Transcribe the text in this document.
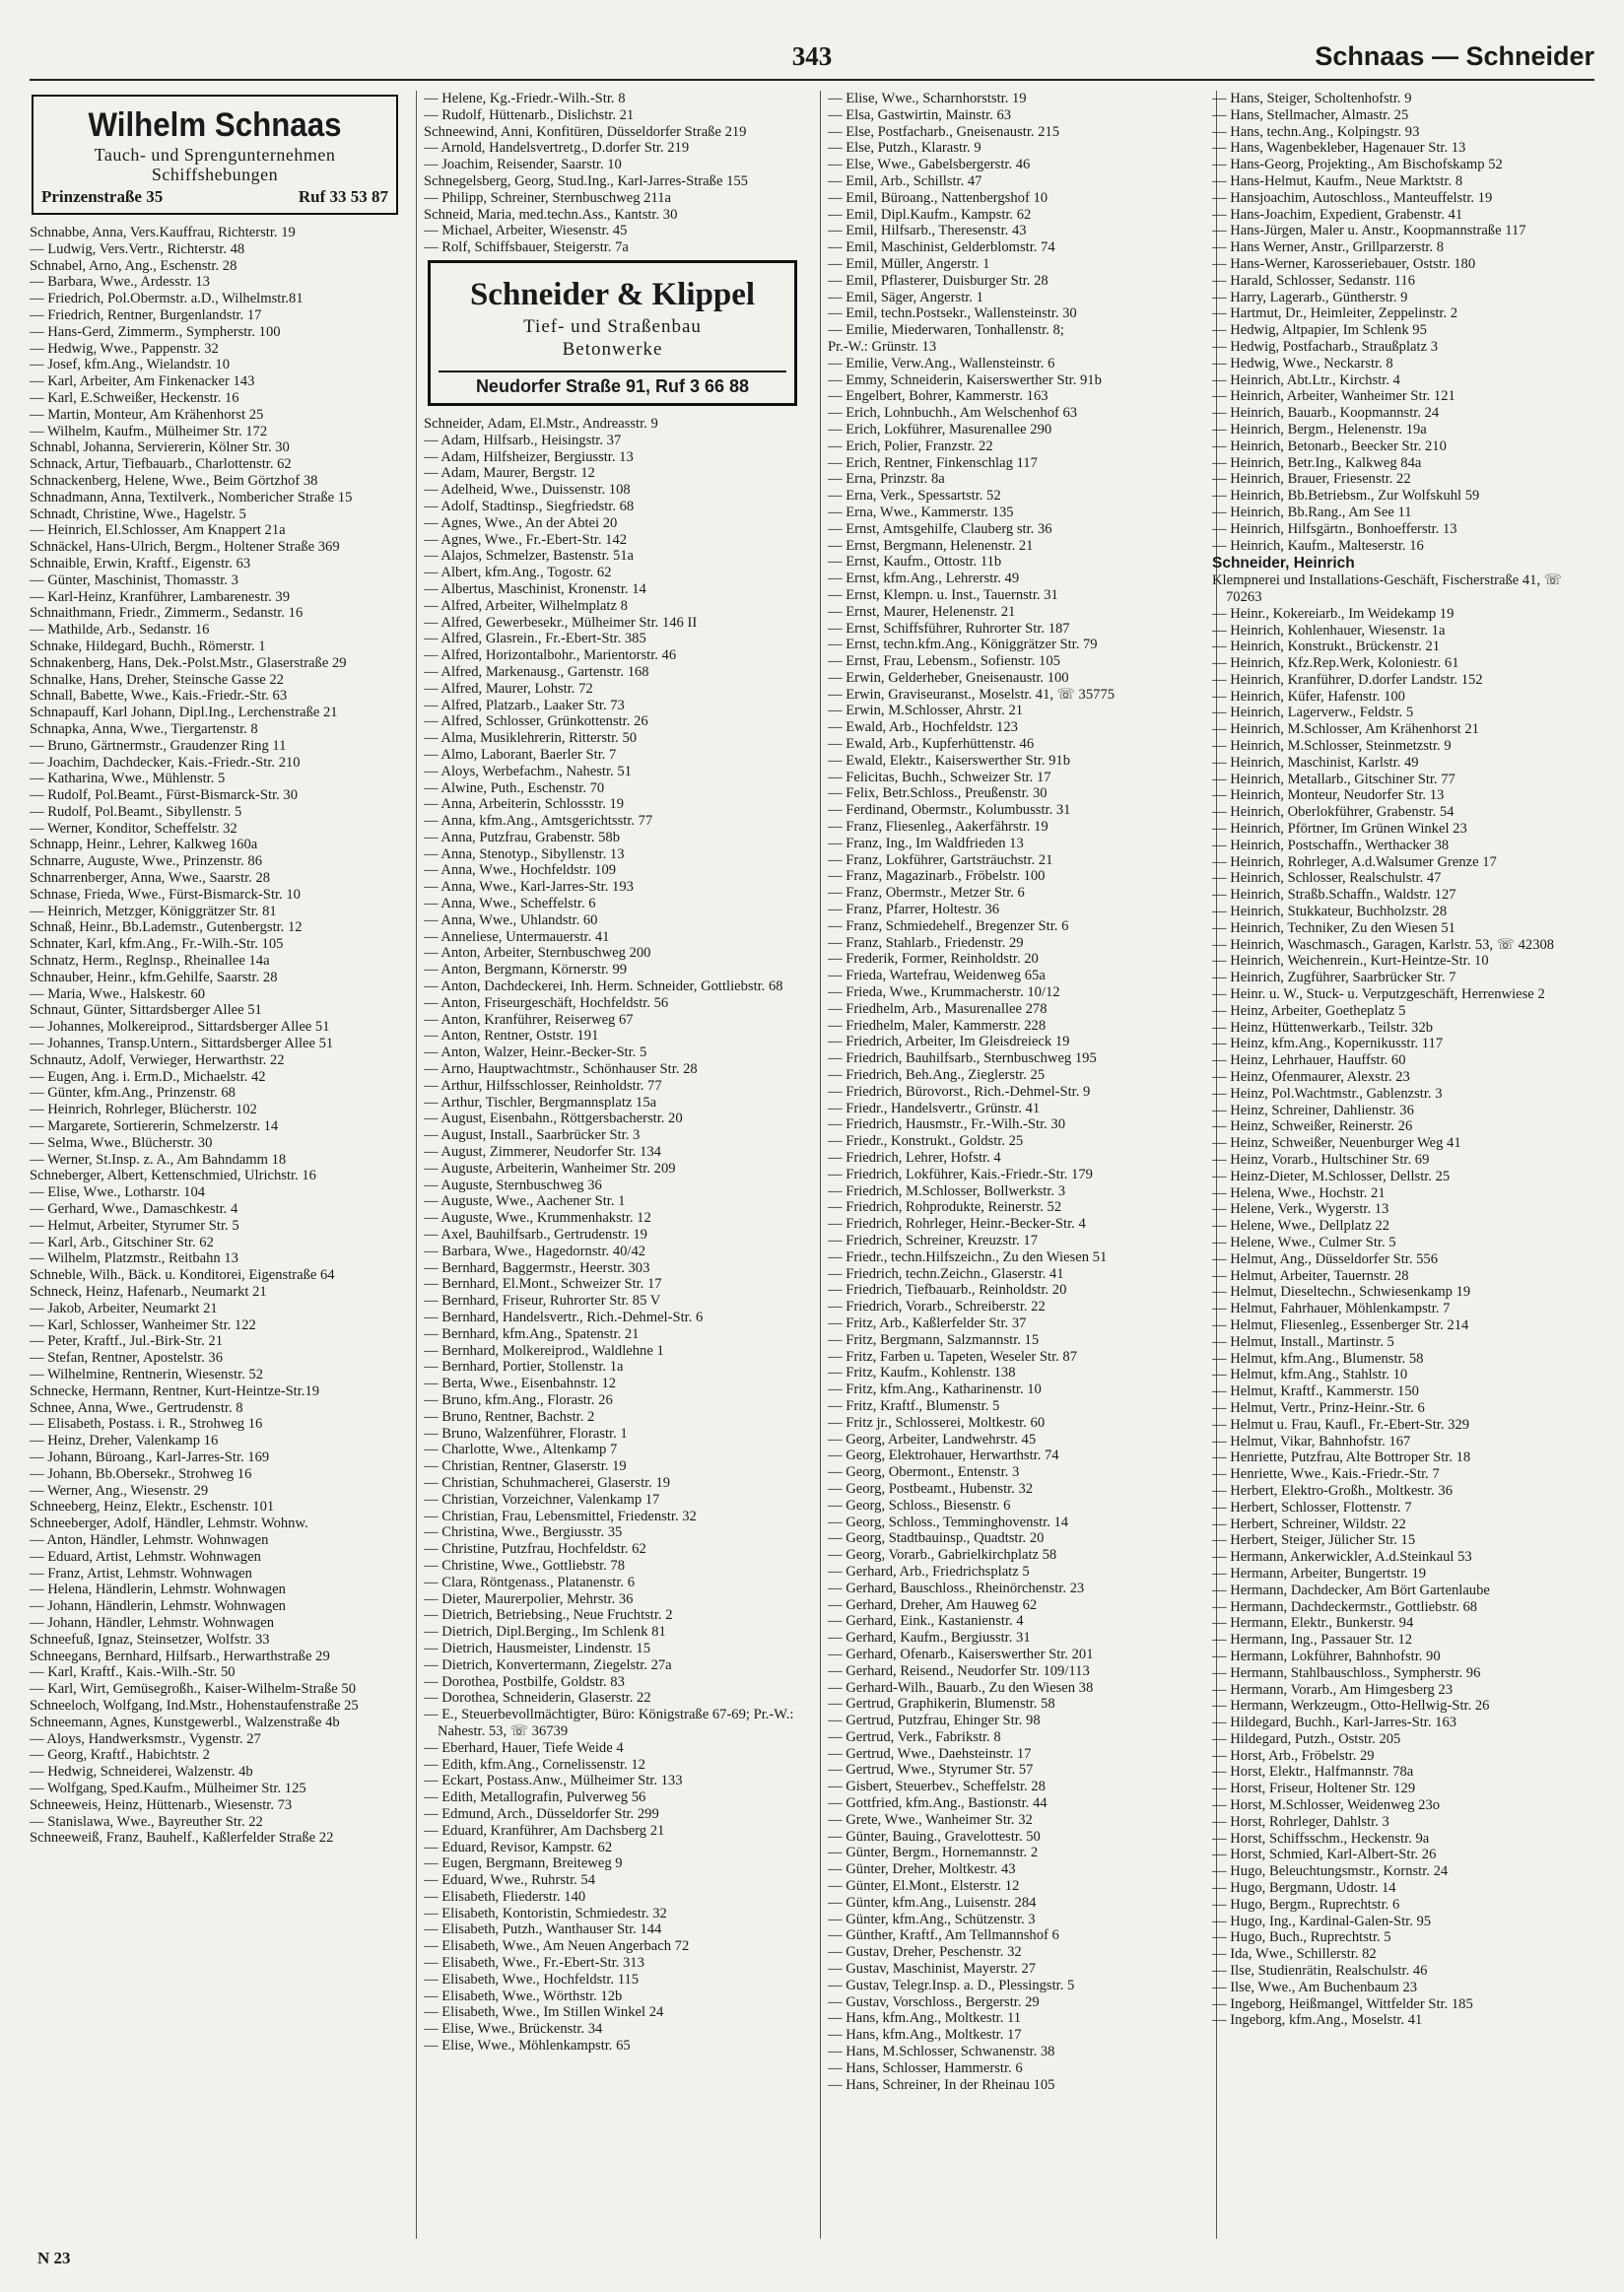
343	Schnaas — Schneider
Wilhelm Schnaas
Tauch- und Sprengunternehmen
Schiffshebungen
Prinzenstraße 35	Ruf 33 53 87
Schnabbe, Anna, Vers.Kauffrau, Richterstr. 19
— Ludwig, Vers.Vertr., Richterstr. 48
Schnabel, Arno, Ang., Eschenstr. 28
— Barbara, Wwe., Ardesstr. 13
— Friedrich, Pol.Obermstr. a.D., Wilhelmstr.81
— Friedrich, Rentner, Burgenlandstr. 17
— Hans-Gerd, Zimmerm., Sympherstr. 100
— Hedwig, Wwe., Pappenstr. 32
— Josef, kfm.Ang., Wielandstr. 10
— Karl, Arbeiter, Am Finkenacker 143
— Karl, E.Schweißer, Heckenstr. 16
— Martin, Monteur, Am Krähenhorst 25
— Wilhelm, Kaufm., Mülheimer Str. 172
Schnabl, Johanna, Serviererin, Kölner Str. 30
Schnack, Artur, Tiefbauarb., Charlottenstr. 62
Schnackenberg, Helene, Wwe., Beim Görtzhof 38
Schnadmann, Anna, Textilverk., Nombericher Straße 15
Schnadt, Christine, Wwe., Hagelstr. 5
— Heinrich, El.Schlosser, Am Knappert 21a
Schnäckel, Hans-Ulrich, Bergm., Holtener Straße 369
Schnaible, Erwin, Kraftf., Eigenstr. 63
— Günter, Maschinist, Thomasstr. 3
— Karl-Heinz, Kranführer, Lambarenestr. 39
Schnaithmann, Friedr., Zimmerm., Sedanstr. 16
— Mathilde, Arb., Sedanstr. 16
Schnake, Hildegard, Buchh., Römerstr. 1
Schnakenberg, Hans, Dek.-Polst.Mstr., Glaserstraße 29
Schnalke, Hans, Dreher, Steinsche Gasse 22
Schnall, Babette, Wwe., Kais.-Friedr.-Str. 63
Schnapauff, Karl Johann, Dipl.Ing., Lerchenstraße 21
Schnapka, Anna, Wwe., Tiergartenstr. 8
— Bruno, Gärtnermstr., Graudenzer Ring 11
— Joachim, Dachdecker, Kais.-Friedr.-Str. 210
— Katharina, Wwe., Mühlenstr. 5
— Rudolf, Pol.Beamt., Fürst-Bismarck-Str. 30
— Rudolf, Pol.Beamt., Sibyllenstr. 5
— Werner, Konditor, Scheffelstr. 32
Schnapp, Heinr., Lehrer, Kalkweg 160a
Schnarre, Auguste, Wwe., Prinzenstr. 86
Schnarrenberger, Anna, Wwe., Saarstr. 28
Schnase, Frieda, Wwe., Fürst-Bismarck-Str. 10
— Heinrich, Metzger, Königgrätzer Str. 81
Schnaß, Heinr., Bb.Lademstr., Gutenbergstr. 12
Schnater, Karl, kfm.Ang., Fr.-Wilh.-Str. 105
Schnatz, Herm., Reglnsp., Rheinallee 14a
Schnauber, Heinr., kfm.Gehilfe, Saarstr. 28
— Maria, Wwe., Halskestr. 60
Schnaut, Günter, Sittardsberger Allee 51
— Johannes, Molkereiprod., Sittardsberger Allee 51
— Johannes, Transp.Untern., Sittardsberger Allee 51
Schnautz, Adolf, Verwieger, Herwarthstr. 22
— Eugen, Ang. i. Erm.D., Michaelstr. 42
— Günter, kfm.Ang., Prinzenstr. 68
— Heinrich, Rohrleger, Blücherstr. 102
— Margarete, Sortiererin, Schmelzerstr. 14
— Selma, Wwe., Blücherstr. 30
— Werner, St.Insp. z. A., Am Bahndamm 18
Schneberger, Albert, Kettenschmied, Ulrichstr. 16
— Elise, Wwe., Lotharstr. 104
— Gerhard, Wwe., Damaschkestr. 4
— Helmut, Arbeiter, Styrumer Str. 5
— Karl, Arb., Gitschiner Str. 62
— Wilhelm, Platzmstr., Reitbahn 13
Schneble, Wilh., Bäck. u. Konditorei, Eigenstraße 64
Schneck, Heinz, Hafenarb., Neumarkt 21
— Jakob, Arbeiter, Neumarkt 21
— Karl, Schlosser, Wanheimer Str. 122
— Peter, Kraftf., Jul.-Birk-Str. 21
— Stefan, Rentner, Apostelstr. 36
— Wilhelmine, Rentnerin, Wiesenstr. 52
Schnecke, Hermann, Rentner, Kurt-Heintze-Str.19
Schnee, Anna, Wwe., Gertrudenstr. 8
— Elisabeth, Postass. i. R., Strohweg 16
— Heinz, Dreher, Valenkamp 16
— Johann, Büroang., Karl-Jarres-Str. 169
— Johann, Bb.Obersekr., Strohweg 16
— Werner, Ang., Wiesenstr. 29
Schneeberg, Heinz, Elektr., Eschenstr. 101
Schneeberger, Adolf, Händler, Lehmstr. Wohnw.
— Anton, Händler, Lehmstr. Wohnwagen
— Eduard, Artist, Lehmstr. Wohnwagen
— Franz, Artist, Lehmstr. Wohnwagen
— Helena, Händlerin, Lehmstr. Wohnwagen
— Johann, Händlerin, Lehmstr. Wohnwagen
— Johann, Händler, Lehmstr. Wohnwagen
Schneefuß, Ignaz, Steinsetzer, Wolfstr. 33
Schneegans, Bernhard, Hilfsarb., Herwarthstraße 29
— Karl, Kraftf., Kais.-Wilh.-Str. 50
— Karl, Wirt, Gemüsegroßh., Kaiser-Wilhelm-Straße 50
Schneeloch, Wolfgang, Ind.Mstr., Hohenstaufenstraße 25
Schneemann, Agnes, Kunstgewerbl., Walzenstraße 4b
— Aloys, Handwerksmstr., Vygenstr. 27
— Georg, Kraftf., Habichtstr. 2
— Hedwig, Schneiderei, Walzenstr. 4b
— Wolfgang, Sped.Kaufm., Mülheimer Str. 125
Schneeweis, Heinz, Hüttenarb., Wiesenstr. 73
— Stanislawa, Wwe., Bayreuther Str. 22
Schneeweiß, Franz, Bauhelf., Kaßlerfelder Straße 22
— Helene, Kg.-Friedr.-Wilh.-Str. 8
— Rudolf, Hüttenarb., Dislichstr. 21
Schneewind, Anni, Konfitüren, Düsseldorfer Straße 219
— Arnold, Handelsvertretg., D.dorfer Str. 219
— Joachim, Reisender, Saarstr. 10
Schnegelsberg, Georg, Stud.Ing., Karl-Jarres-Straße 155
— Philipp, Schreiner, Sternbuschweg 211a
Schneid, Maria, med.techn.Ass., Kantstr. 30
— Michael, Arbeiter, Wiesenstr. 45
— Rolf, Schiffsbauer, Steigerstr. 7a
Schneider & Klippel
Tief- und Straßenbau
Betonwerke
Neudorfer Straße 91, Ruf 3 66 88
Schneider, Adam, El.Mstr., Andreasstr. 9
— Adam, Hilfsarb., Heisingstr. 37
— Adam, Hilfsheizer, Bergiusstr. 13
— Adam, Maurer, Bergstr. 12
— Adelheid, Wwe., Duissenstr. 108
— Adolf, Stadtinsp., Siegfriedstr. 68
— Agnes, Wwe., An der Abtei 20
— Agnes, Wwe., Fr.-Ebert-Str. 142
— Alajos, Schmelzer, Bastenstr. 51a
— Albert, kfm.Ang., Togostr. 62
— Albertus, Maschinist, Kronenstr. 14
— Alfred, Arbeiter, Wilhelmplatz 8
— Alfred, Gewerbesekr., Mülheimer Str. 146 II
— Alfred, Glasrein., Fr.-Ebert-Str. 385
— Alfred, Horizontalbohr., Marientorstr. 46
— Alfred, Markenausg., Gartenstr. 168
— Alfred, Maurer, Lohstr. 72
— Alfred, Platzarb., Laaker Str. 73
— Alfred, Schlosser, Grünkottenstr. 26
— Alma, Musiklehrerin, Ritterstr. 50
— Almo, Laborant, Baerler Str. 7
— Aloys, Werbefachm., Nahestr. 51
— Alwine, Puth., Eschenstr. 70
— Anna, Arbeiterin, Schlossstr. 19
— Anna, kfm.Ang., Amtsgerichtsstr. 77
— Anna, Putzfrau, Grabenstr. 58b
— Anna, Stenotyp., Sibyllenstr. 13
— Anna, Wwe., Hochfeldstr. 109
— Anna, Wwe., Karl-Jarres-Str. 193
— Anna, Wwe., Scheffelstr. 6
— Anna, Wwe., Uhlandstr. 60
— Anneliese, Untermauerstr. 41
— Anton, Arbeiter, Sternbuschweg 200
— Anton, Bergmann, Körnerstr. 99
— Anton, Dachdeckerei, Inh. Herm. Schneider, Gottliebstr. 68
— Anton, Friseurgeschäft, Hochfeldstr. 56
— Anton, Kranführer, Reiserweg 67
— Anton, Rentner, Oststr. 191
— Anton, Walzer, Heinr.-Becker-Str. 5
— Arno, Hauptwachtmstr., Schönhauser Str. 28
— Arthur, Hilfsschlosser, Reinholdstr. 77
— Arthur, Tischler, Bergmannsplatz 15a
— August, Eisenbahn., Röttgersbacherstr. 20
— August, Install., Saarbrücker Str. 3
— August, Zimmerer, Neudorfer Str. 134
— Auguste, Arbeiterin, Wanheimer Str. 209
— Auguste, Sternbuschweg 36
— Auguste, Wwe., Aachener Str. 1
— Auguste, Wwe., Krummenhakstr. 12
— Axel, Bauhilfsarb., Gertrudenstr. 19
— Barbara, Wwe., Hagedornstr. 40/42
— Bernhard, Baggermstr., Heerstr. 303
— Bernhard, El.Mont., Schweizer Str. 17
— Bernhard, Friseur, Ruhrorter Str. 85 V
— Bernhard, Handelsvertr., Rich.-Dehmel-Str. 6
— Bernhard, kfm.Ang., Spatenstr. 21
— Bernhard, Molkereiprod., Waldlehne 1
— Bernhard, Portier, Stollenstr. 1a
— Berta, Wwe., Eisenbahnstr. 12
— Bruno, kfm.Ang., Florastr. 26
— Bruno, Rentner, Bachstr. 2
— Bruno, Walzenführer, Florastr. 1
— Charlotte, Wwe., Altenkamp 7
— Christian, Rentner, Glaserstr. 19
— Christian, Schuhmacherei, Glaserstr. 19
— Christian, Vorzeichner, Valenkamp 17
— Christian, Frau, Lebensmittel, Friedenstr. 32
— Christina, Wwe., Bergiusstr. 35
— Christine, Putzfrau, Hochfeldstr. 62
— Christine, Wwe., Gottliebstr. 78
— Clara, Röntgenass., Platanenstr. 6
— Dieter, Maurerpolier, Mehrstr. 36
— Dietrich, Betriebsing., Neue Fruchtstr. 2
— Dietrich, Dipl.Berging., Im Schlenk 81
— Dietrich, Hausmeister, Lindenstr. 15
— Dietrich, Konvertermann, Ziegelstr. 27a
— Dorothea, Postbilfe, Goldstr. 83
— Dorothea, Schneiderin, Glaserstr. 22
— E., Steuerbevollmächtigter, Büro: Königstraße 67-69; Pr.-W.: Nahestr. 53, ☏ 36739
— Eberhard, Hauer, Tiefe Weide 4
— Edith, kfm.Ang., Cornelissenstr. 12
— Eckart, Postass.Anw., Mülheimer Str. 133
— Edith, Metallografin, Pulverweg 56
— Edmund, Arch., Düsseldorfer Str. 299
— Eduard, Kranführer, Am Dachsberg 21
— Eduard, Revisor, Kampstr. 62
— Eugen, Bergmann, Breiteweg 9
— Eduard, Wwe., Ruhrstr. 54
— Elisabeth, Fliederstr. 140
— Elisabeth, Kontoristin, Schmiedestr. 32
— Elisabeth, Putzh., Wanthauser Str. 144
— Elisabeth, Wwe., Am Neuen Angerbach 72
— Elisabeth, Wwe., Fr.-Ebert-Str. 313
— Elisabeth, Wwe., Hochfeldstr. 115
— Elisabeth, Wwe., Wörthstr. 12b
— Elisabeth, Wwe., Im Stillen Winkel 24
— Elise, Wwe., Brückenstr. 34
— Elise, Wwe., Möhlenkampstr. 65
— Elise, Wwe., Scharnhorststr. 19
— Elsa, Gastwirtin, Mainstr. 63
— Else, Postfacharb., Gneisenaustr. 215
— Else, Putzh., Klarastr. 9
— Else, Wwe., Gabelsbergerstr. 46
— Emil, Arb., Schillstr. 47
— Emil, Büroang., Nattenbergshof 10
— Emil, Dipl.Kaufm., Kampstr. 62
— Emil, Hilfsarb., Theresenstr. 43
— Emil, Maschinist, Gelderblomstr. 74
— Emil, Müller, Angerstr. 1
— Emil, Pflasterer, Duisburger Str. 28
— Emil, Säger, Angerstr. 1
— Emil, techn.Postsekr., Wallensteinstr. 30
— Emilie, Miederwaren, Tonhallenstr. 8;
Pr.-W.: Grünstr. 13
— Emilie, Verw.Ang., Wallensteinstr. 6
— Emmy, Schneiderin, Kaiserswerther Str. 91b
— Engelbert, Bohrer, Kammerstr. 163
— Erich, Lohnbuchh., Am Welschenhof 63
— Erich, Lokführer, Masurenallee 290
— Erich, Polier, Franzstr. 22
— Erich, Rentner, Finkenschlag 117
— Erna, Prinzstr. 8a
— Erna, Verk., Spessartstr. 52
— Erna, Wwe., Kammerstr. 135
— Ernst, Amtsgehilfe, Clauberg str. 36
— Ernst, Bergmann, Helenenstr. 21
— Ernst, Kaufm., Ottostr. 11b
— Ernst, kfm.Ang., Lehrerstr. 49
— Ernst, Klempn. u. Inst., Tauernstr. 31
— Ernst, Maurer, Helenenstr. 21
— Ernst, Schiffsführer, Ruhrorter Str. 187
— Ernst, techn.kfm.Ang., Königgrätzer Str. 79
— Ernst, Frau, Lebensm., Sofienstr. 105
— Erwin, Gelderheber, Gneisenaustr. 100
— Erwin, Graviseuranst., Moselstr. 41, ☏ 35775
— Erwin, M.Schlosser, Ahrstr. 21
— Ewald, Arb., Hochfeldstr. 123
— Ewald, Arb., Kupferhüttenstr. 46
— Ewald, Elektr., Kaiserswerther Str. 91b
— Felicitas, Buchh., Schweizer Str. 17
— Felix, Betr.Schloss., Preußenstr. 30
— Ferdinand, Obermstr., Kolumbusstr. 31
— Franz, Fliesenleg., Aakerfährstr. 19
— Franz, Ing., Im Waldfrieden 13
— Franz, Lokführer, Gartsträuchstr. 21
— Franz, Magazinarb., Fröbelstr. 100
— Franz, Obermstr., Metzer Str. 6
— Franz, Pfarrer, Holtestr. 36
— Franz, Schmiedehelf., Bregenzer Str. 6
— Franz, Stahlarb., Friedenstr. 29
— Frederik, Former, Reinholdstr. 20
— Frieda, Wartefrau, Weidenweg 65a
— Frieda, Wwe., Krummacherstr. 10/12
— Friedhelm, Arb., Masurenallee 278
— Friedhelm, Maler, Kammerstr. 228
— Friedrich, Arbeiter, Im Gleisdreieck 19
— Friedrich, Bauhilfsarb., Sternbuschweg 195
— Friedrich, Beh.Ang., Zieglerstr. 25
— Friedrich, Bürovorst., Rich.-Dehmel-Str. 9
— Friedr., Handelsvertr., Grünstr. 41
— Friedrich, Hausmstr., Fr.-Wilh.-Str. 30
— Friedr., Konstrukt., Goldstr. 25
— Friedrich, Lehrer, Hofstr. 4
— Friedrich, Lokführer, Kais.-Friedr.-Str. 179
— Friedrich, M.Schlosser, Bollwerkstr. 3
— Friedrich, Rohprodukte, Reinerstr. 52
— Friedrich, Rohrleger, Heinr.-Becker-Str. 4
— Friedrich, Schreiner, Kreuzstr. 17
— Friedr., techn.Hilfszeichn., Zu den Wiesen 51
— Friedrich, techn.Zeichn., Glaserstr. 41
— Friedrich, Tiefbauarb., Reinholdstr. 20
— Friedrich, Vorarb., Schreiberstr. 22
— Fritz, Arb., Kaßlerfelder Str. 37
— Fritz, Bergmann, Salzmannstr. 15
— Fritz, Farben u. Tapeten, Weseler Str. 87
— Fritz, Kaufm., Kohlenstr. 138
— Fritz, kfm.Ang., Katharinenstr. 10
— Fritz, Kraftf., Blumenstr. 5
— Fritz jr., Schlosserei, Moltkestr. 60
— Georg, Arbeiter, Landwehrstr. 45
— Georg, Elektrohauer, Herwarthstr. 74
— Georg, Obermont., Entenstr. 3
— Georg, Postbeamt., Hubenstr. 32
— Georg, Schloss., Biesenstr. 6
— Georg, Schloss., Temminghovenstr. 14
— Georg, Stadtbauinsp., Quadtstr. 20
— Georg, Vorarb., Gabrielkirchplatz 58
— Gerhard, Arb., Friedrichsplatz 5
— Gerhard, Bauschloss., Rheinörchenstr. 23
— Gerhard, Dreher, Am Hauweg 62
— Gerhard, Eink., Kastanienstr. 4
— Gerhard, Kaufm., Bergiusstr. 31
— Gerhard, Ofenarb., Kaiserswerther Str. 201
— Gerhard, Reisend., Neudorfer Str. 109/113
— Gerhard-Wilh., Bauarb., Zu den Wiesen 38
— Gertrud, Graphikerin, Blumenstr. 58
— Gertrud, Putzfrau, Ehinger Str. 98
— Gertrud, Verk., Fabrikstr. 8
— Gertrud, Wwe., Daehsteinstr. 17
— Gertrud, Wwe., Styrumer Str. 57
— Gisbert, Steuerbev., Scheffelstr. 28
— Gottfried, kfm.Ang., Bastionstr. 44
— Grete, Wwe., Wanheimer Str. 32
— Günter, Bauing., Gravelottestr. 50
— Günter, Bergm., Hornemannstr. 2
— Günter, Dreher, Moltkestr. 43
— Günter, El.Mont., Elsterstr. 12
— Günter, kfm.Ang., Luisenstr. 284
— Günter, kfm.Ang., Schützenstr. 3
— Günther, Kraftf., Am Tellmannshof 6
— Gustav, Dreher, Peschenstr. 32
— Gustav, Maschinist, Mayerstr. 27
— Gustav, Telegr.Insp. a. D., Plessingstr. 5
— Gustav, Vorschloss., Bergerstr. 29
— Hans, kfm.Ang., Moltkestr. 11
— Hans, kfm.Ang., Moltkestr. 17
— Hans, M.Schlosser, Schwanenstr. 38
— Hans, Schlosser, Hammerstr. 6
— Hans, Schreiner, In der Rheinau 105
— Hans, Steiger, Scholtenhofstr. 9
— Hans, Stellmacher, Almastr. 25
— Hans, techn.Ang., Kolpingstr. 93
— Hans, Wagenbekleber, Hagenauer Str. 13
— Hans-Georg, Projekting., Am Bischofskamp 52
— Hans-Helmut, Kaufm., Neue Marktstr. 8
— Hansjoachim, Autoschloss., Manteuffelstr. 19
— Hans-Joachim, Expedient, Grabenstr. 41
— Hans-Jürgen, Maler u. Anstr., Koopmannstraße 117
— Hans Werner, Anstr., Grillparzerstr. 8
— Hans-Werner, Karosseriebauer, Oststr. 180
— Harald, Schlosser, Sedanstr. 116
— Harry, Lagerarb., Güntherstr. 9
— Hartmut, Dr., Heimleiter, Zeppelinstr. 2
— Hedwig, Altpapier, Im Schlenk 95
— Hedwig, Postfacharb., Straußplatz 3
— Hedwig, Wwe., Neckarstr. 8
— Heinrich, Abt.Ltr., Kirchstr. 4
— Heinrich, Arbeiter, Wanheimer Str. 121
— Heinrich, Bauarb., Koopmannstr. 24
— Heinrich, Bergm., Helenenstr. 19a
— Heinrich, Betonarb., Beecker Str. 210
— Heinrich, Betr.Ing., Kalkweg 84a
— Heinrich, Brauer, Friesenstr. 22
— Heinrich, Bb.Betriebsm., Zur Wolfskuhl 59
— Heinrich, Bb.Rang., Am See 11
— Heinrich, Hilfsgärtn., Bonhoefferstr. 13
— Heinrich, Kaufm., Malteserstr. 16
Schneider, Heinrich
Klempnerei und Installations-Geschäft, Fischerstraße 41, ☏ 70263
— Heinr., Kokereiarb., Im Weidekamp 19
— Heinrich, Kohlenhauer, Wiesenstr. 1a
— Heinrich, Konstrukt., Brückenstr. 21
— Heinrich, Kfz.Rep.Werk, Koloniestr. 61
— Heinrich, Kranführer, D.dorfer Landstr. 152
— Heinrich, Küfer, Hafenstr. 100
— Heinrich, Lagerverw., Feldstr. 5
— Heinrich, M.Schlosser, Am Krähenhorst 21
— Heinrich, M.Schlosser, Steinmetzstr. 9
— Heinrich, Maschinist, Karlstr. 49
— Heinrich, Metallarb., Gitschiner Str. 77
— Heinrich, Monteur, Neudorfer Str. 13
— Heinrich, Oberlokführer, Grabenstr. 54
— Heinrich, Pförtner, Im Grünen Winkel 23
— Heinrich, Postschaffn., Werthacker 38
— Heinrich, Rohrleger, A.d.Walsumer Grenze 17
— Heinrich, Schlosser, Realschulstr. 47
— Heinrich, Straßb.Schaffn., Waldstr. 127
— Heinrich, Stukkateur, Buchholzstr. 28
— Heinrich, Techniker, Zu den Wiesen 51
— Heinrich, Waschmasch., Garagen, Karlstr. 53, ☏ 42308
— Heinrich, Weichenrein., Kurt-Heintze-Str. 10
— Heinrich, Zugführer, Saarbrücker Str. 7
— Heinr. u. W., Stuck- u. Verputzgeschäft, Herrenwiese 2
— Heinz, Arbeiter, Goetheplatz 5
— Heinz, Hüttenwerkarb., Teilstr. 32b
— Heinz, kfm.Ang., Kopernikusstr. 117
— Heinz, Lehrhauer, Hauffstr. 60
— Heinz, Ofenmaurer, Alexstr. 23
— Heinz, Pol.Wachtmstr., Gablenzstr. 3
— Heinz, Schreiner, Dahlienstr. 36
— Heinz, Schweißer, Reinerstr. 26
— Heinz, Schweißer, Neuenburger Weg 41
— Heinz, Vorarb., Hultschiner Str. 69
— Heinz-Dieter, M.Schlosser, Dellstr. 25
— Helena, Wwe., Hochstr. 21
— Helene, Verk., Wygerstr. 13
— Helene, Wwe., Dellplatz 22
— Helene, Wwe., Culmer Str. 5
— Helmut, Ang., Düsseldorfer Str. 556
— Helmut, Arbeiter, Tauernstr. 28
— Helmut, Dieseltechn., Schwiesenkamp 19
— Helmut, Fahrhauer, Möhlenkampstr. 7
— Helmut, Fliesenleg., Essenberger Str. 214
— Helmut, Install., Martinstr. 5
— Helmut, kfm.Ang., Blumenstr. 58
— Helmut, kfm.Ang., Stahlstr. 10
— Helmut, Kraftf., Kammerstr. 150
— Helmut, Vertr., Prinz-Heinr.-Str. 6
— Helmut u. Frau, Kaufl., Fr.-Ebert-Str. 329
— Helmut, Vikar, Bahnhofstr. 167
— Henriette, Putzfrau, Alte Bottroper Str. 18
— Henriette, Wwe., Kais.-Friedr.-Str. 7
— Herbert, Elektro-Großh., Moltkestr. 36
— Herbert, Schlosser, Flottenstr. 7
— Herbert, Schreiner, Wildstr. 22
— Herbert, Steiger, Jülicher Str. 15
— Hermann, Ankerwickler, A.d.Steinkaul 53
— Hermann, Arbeiter, Bungertstr. 19
— Hermann, Dachdecker, Am Bört Gartenlaube
— Hermann, Dachdeckermstr., Gottliebstr. 68
— Hermann, Elektr., Bunkerstr. 94
— Hermann, Ing., Passauer Str. 12
— Hermann, Lokführer, Bahnhofstr. 90
— Hermann, Stahlbauschloss., Sympherstr. 96
— Hermann, Vorarb., Am Himgesberg 23
— Hermann, Werkzeugm., Otto-Hellwig-Str. 26
— Hildegard, Buchh., Karl-Jarres-Str. 163
— Hildegard, Putzh., Oststr. 205
— Horst, Arb., Fröbelstr. 29
— Horst, Elektr., Halfmannstr. 78a
— Horst, Friseur, Holtener Str. 129
— Horst, M.Schlosser, Weidenweg 23o
— Horst, Rohrleger, Dahlstr. 3
— Horst, Schiffsschm., Heckenstr. 9a
— Horst, Schmied, Karl-Albert-Str. 26
— Hugo, Beleuchtungsmstr., Kornstr. 24
— Hugo, Bergmann, Udostr. 14
— Hugo, Bergm., Ruprechtstr. 6
— Hugo, Ing., Kardinal-Galen-Str. 95
— Hugo, Buch., Ruprechtstr. 5
— Ida, Wwe., Schillerstr. 82
— Ilse, Studienrätin, Realschulstr. 46
— Ilse, Wwe., Am Buchenbaum 23
— Ingeborg, Heißmangel, Wittfelder Str. 185
— Ingeborg, kfm.Ang., Moselstr. 41
N 23
